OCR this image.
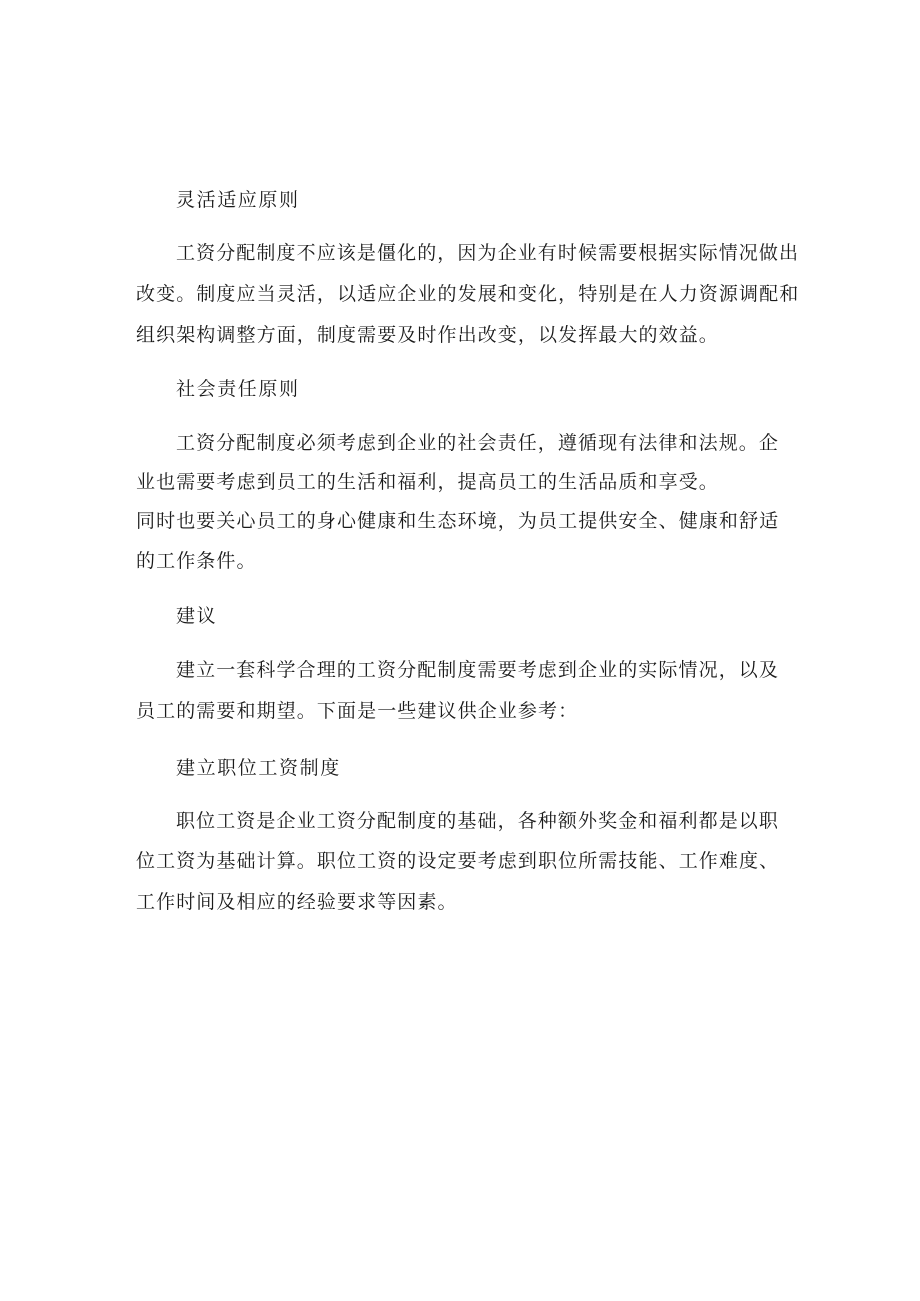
灵活适应原则

工资分配制度不应该是僵化的，因为企业有时候需要根据实际情况做出

改变。制度应当灵活，以适应企业的发展和变化，特别是在人力资源调配和

组织架构调整方面，制度需要及时作出改变，以发挥最大的效益。

社会责任原则

工资分配制度必须考虑到企业的社会责任，遵循现有法律和法规。企

业也需要考虑到员工的生活和福利，提高员工的生活品质和享受。

同时也要关心员工的身心健康和生态环境，为员工提供安全、健康和舒适

的工作条件。

建议

建立一套科学合理的工资分配制度需要考虑到企业的实际情况，以及

员工的需要和期望。下面是一些建议供企业参考：

建立职位工资制度

职位工资是企业工资分配制度的基础，各种额外奖金和福利都是以职

位工资为基础计算。职位工资的设定要考虑到职位所需技能、工作难度、

工作时间及相应的经验要求等因素。
